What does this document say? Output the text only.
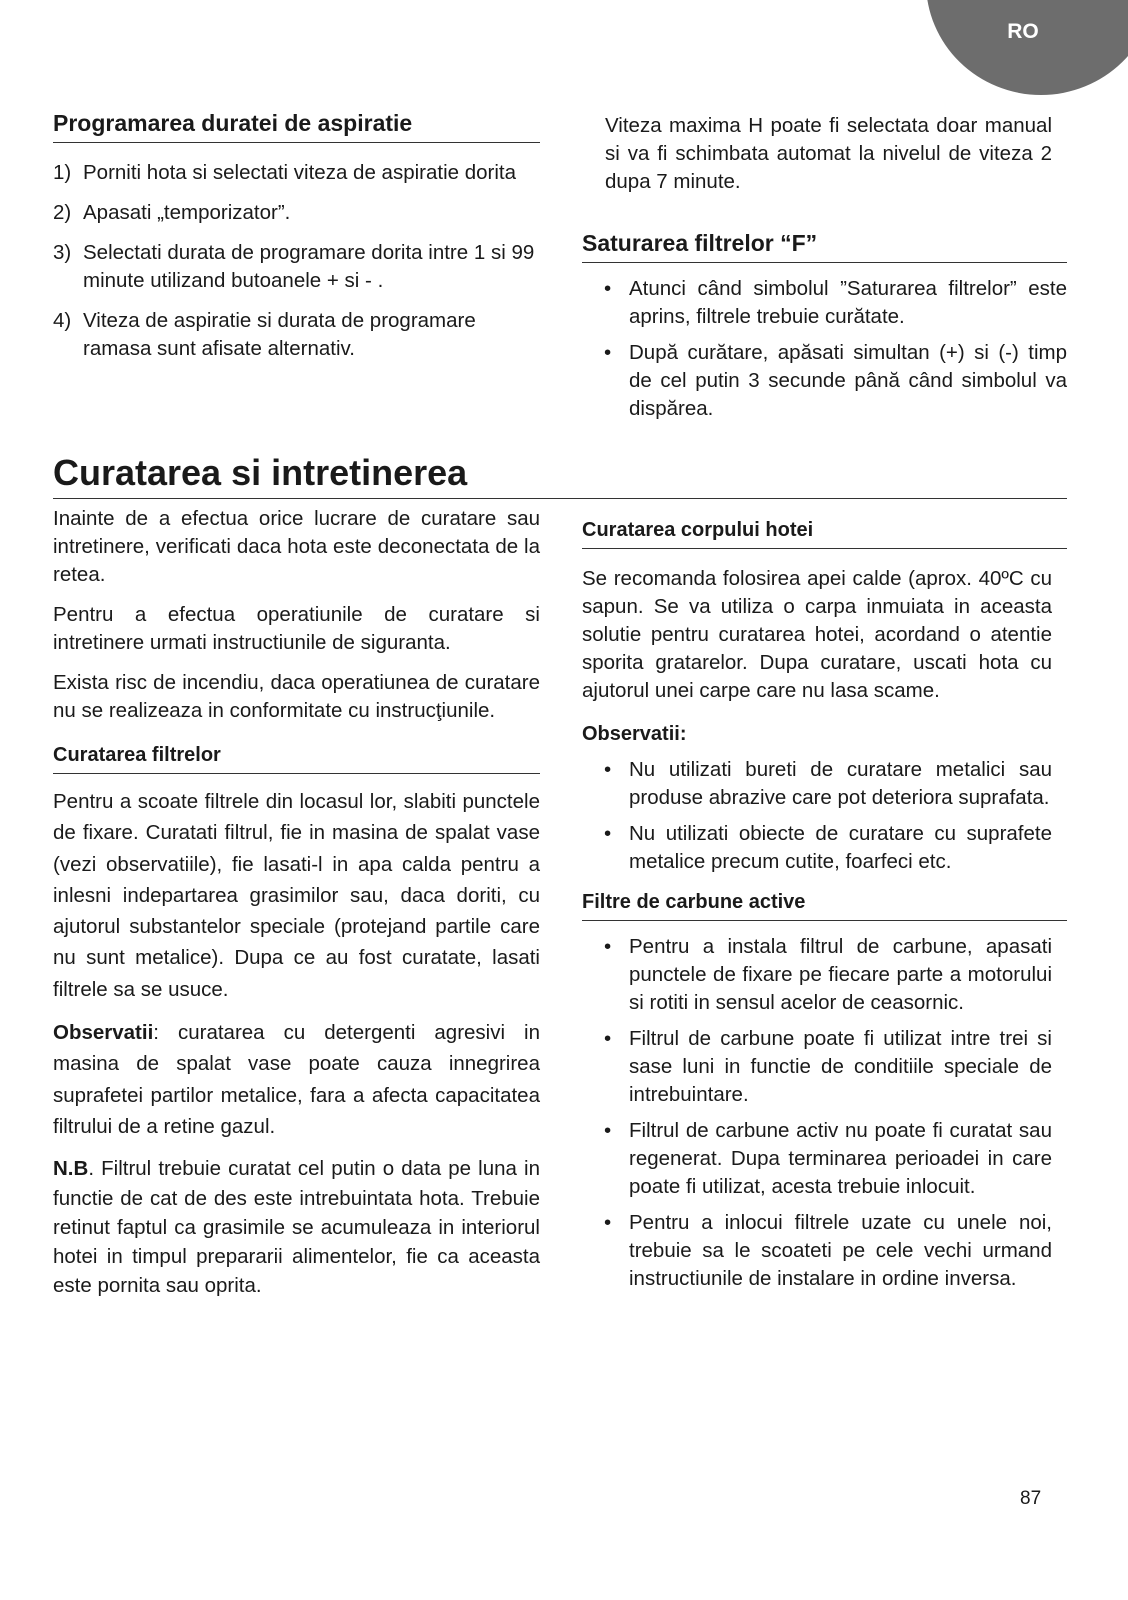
RO
Programarea duratei de aspiratie
1) Porniti hota si selectati viteza de aspiratie dorita
2) Apasati „temporizator”.
3) Selectati durata de programare dorita intre 1 si 99 minute utilizand butoanele + si - .
4) Viteza de aspiratie si durata de programare ramasa sunt afisate alternativ.

Viteza maxima H poate fi selectata doar manual si va fi schimbata automat la nivelul de viteza 2 dupa 7 minute.

Saturarea filtrelor “F”
• Atunci când simbolul ”Saturarea filtrelor” este aprins, filtrele trebuie curătate.
• După curătare, apăsati simultan (+) si (-) timp de cel putin 3 secunde până când simbolul va dispărea.
Curatarea si intretinerea

Inainte de a efectua orice lucrare de curatare sau intretinere, verificati daca hota este deconectata de la retea.

Pentru a efectua operatiunile de curatare si intretinere urmati instructiunile de siguranta.

Exista risc de incendiu, daca operatiunea de curatare nu se realizeaza in conformitate cu instrucţiunile.

Curatarea filtrelor

Pentru a scoate filtrele din locasul lor, slabiti punctele de fixare. Curatati filtrul, fie in masina de spalat vase (vezi observatiile), fie lasati-l in apa calda pentru a inlesni indepartarea grasimilor sau, daca doriti, cu ajutorul substantelor speciale (protejand partile care nu sunt metalice). Dupa ce au fost curatate, lasati filtrele sa se usuce.

Observatii: curatarea cu detergenti agresivi in masina de spalat vase poate cauza innegrirea suprafetei partilor metalice, fara a afecta capacitatea filtrului de a retine gazul.

N.B. Filtrul trebuie curatat cel putin o data pe luna in functie de cat de des este intrebuintata hota. Trebuie retinut faptul ca grasimile se acumuleaza in interiorul hotei in timpul prepararii alimentelor, fie ca aceasta este pornita sau oprita.

Curatarea corpului hotei

Se recomanda folosirea apei calde (aprox. 40ºC cu sapun. Se va utiliza o carpa inmuiata in aceasta solutie pentru curatarea hotei, acordand o atentie sporita gratarelor. Dupa curatare, uscati hota cu ajutorul unei carpe care nu lasa scame.

Observatii:
• Nu utilizati bureti de curatare metalici sau produse abrazive care pot deteriora suprafata.
• Nu utilizati obiecte de curatare cu suprafete metalice precum cutite, foarfeci etc.
Filtre de carbune active
• Pentru a instala filtrul de carbune, apasati punctele de fixare pe fiecare parte a motorului si rotiti in sensul acelor de ceasornic.
• Filtrul de carbune poate fi utilizat intre trei si sase luni in functie de conditiile speciale de intrebuintare.
• Filtrul de carbune activ nu poate fi curatat sau regenerat. Dupa terminarea perioadei in care poate fi utilizat, acesta trebuie inlocuit.
• Pentru a inlocui filtrele uzate cu unele noi, trebuie sa le scoateti pe cele vechi urmand instructiunile de instalare in ordine inversa.
87
